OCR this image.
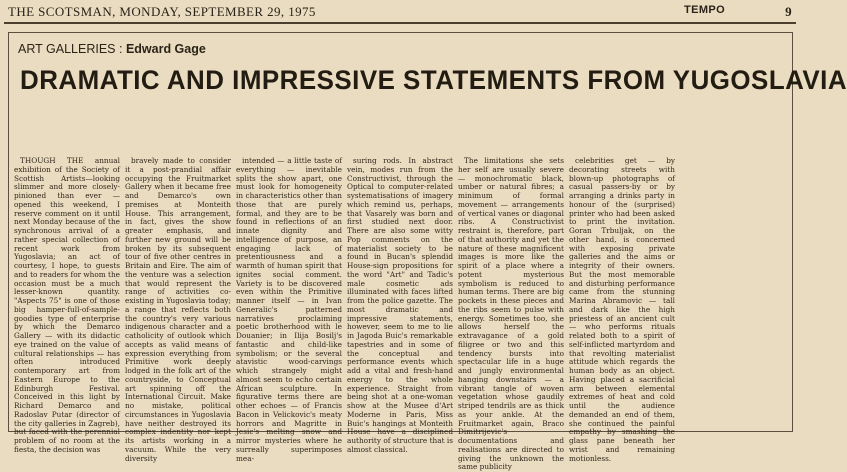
THE SCOTSMAN, MONDAY, SEPTEMBER 29, 1975	TEMPO	9
ART GALLERIES : Edward Gage
DRAMATIC AND IMPRESSIVE STATEMENTS FROM YUGOSLAVIA

THOUGH THE annual exhibition of the Society of Scottish Artists—looking slimmer and more closely-pinioned than ever — opened this weekend, I reserve comment on it until next Monday because of the synchronous arrival of a rather special collection of recent work from Yugoslavia; an act of courtesy, I hope, to guests and to readers for whom the occasion must be a much lesser-known quantity. "Aspects 75" is one of those big hamper-full-of-sample-goodies type of enterprise by which the Demarco Gallery — with its didactic eye trained on the value of cultural relationships — has often introduced contemporary art from Eastern Europe to the Edinburgh Festival. Conceived in this light by Richard Demarco and Radoslav Putar (director of the city galleries in Zagreb), but faced with the perennial problem of no room at the fiesta, the decision was

bravely made to consider it a post-prandial affair occupying the Fruitmarket Gallery when it became free and Demarco's own premises at Monteith House. This arrangement, in fact, gives the show greater emphasis, and further new ground will be broken by its subsequent tour of five other centres in Britain and Eire. The aim of the venture was a selection that would represent the range of activities co-existing in Yugoslavia today; a range that reflects both the country's very various indigenous character and a catholicity of outlook which accepts as valid means of expression everything from Primitive work deeply lodged in the folk art of the countryside, to Conceptual art spinning off the International Circuit. Make no mistake, political circumstances in Yugoslavia have neither destroyed its complex indentity nor kept its artists working in a vacuum. While the very diversity

intended — a little taste of everything — inevitable splits the show apart, one must look for homogeneity in characteristics other than those that are purely formal, and they are to be found in reflections of an innate dignity and intelligence of purpose, an engaging lack of pretentiousness and a warmth of human spirit that ignites social comment. Variety is to be discovered even within the Primitive manner itself — in Ivan Generalic's patterned narratives proclaiming poetic brotherhood with le Douanier; in Ilija Bosilj's fantastic and child-like symbolism; or the several atavistic wood-carvings which strangely might almost seem to echo certain African sculpture. In figurative terms there are other echoes — of Francis Bacon in Velickovic's meaty horrors and Magritte in Jesic's melting snow and mirror mysteries where he surreally superimposes mea-

suring rods. In abstract vein, modes run from the Constructivist, through the Optical to computer-related systematisations of imagery which remind us, perhaps, that Vasarely was born and first studied next door. There are also some witty Pop comments on the materialist society to be found in Bucan's splendid House-sign propositions for the word "Art" and Tadic's male cosmetic ads illuminated with faces lifted from the police gazette. The most dramatic and impressive statements, however, seem to me to lie in Jagoda Buic's remarkable tapestries and in some of the conceptual and performance events which add a vital and fresh-hand energy to the whole experience. Straight from being shot at a one-woman show at the Musee d'Art Moderne in Paris, Miss Buic's hangings at Monteith House have a disciplined authority of structure that is almost classical.

The limitations she sets her self are usually severe — monochromatic black, umber or natural fibres; a minimum of formal movement — arrangements of vertical vanes or diagonal ribs. A Constructivist restraint is, therefore, part of that authority and yet the nature of these magnificent images is more like the spirit of a place where a potent mysterious symbolism is reduced to human terms. There are big pockets in these pieces and the ribs seem to pulse with energy. Sometimes too, she allows herself the extravagance of a gold filigree or two and this tendency bursts into spectacular life in a huge and jungly environmental hanging downstairs — a vibrant tangle of woven vegetation whose gaudily striped tendrils are as thick as your ankle. At the Fruitmarket again, Braco Dimitrijevic's documentations and realisations are directed to giving the unknown the same publicity

celebrities get — by decorating streets with blown-up photographs of casual passers-by or by arranging a drinks party in honour of the (surprised) printer who had been asked to print the invitation. Goran Trbuljak, on the other hand, is concerned with exposing private galleries and the aims or integrity of their owners. But the most memorable and disturbing performance came from the stunning Marina Abramovic — tall and dark like the high priestess of an ancient cult — who performs rituals related both to a spirit of self-inflicted martyrdom and that revolting materialist attitude which regards the human body as an object. Having placed a sacrificial arm between elemental extremes of heat and cold until the audience demanded an end of them, she continued the painful empathy by smashing the glass pane beneath her wrist and remaining motionless.
